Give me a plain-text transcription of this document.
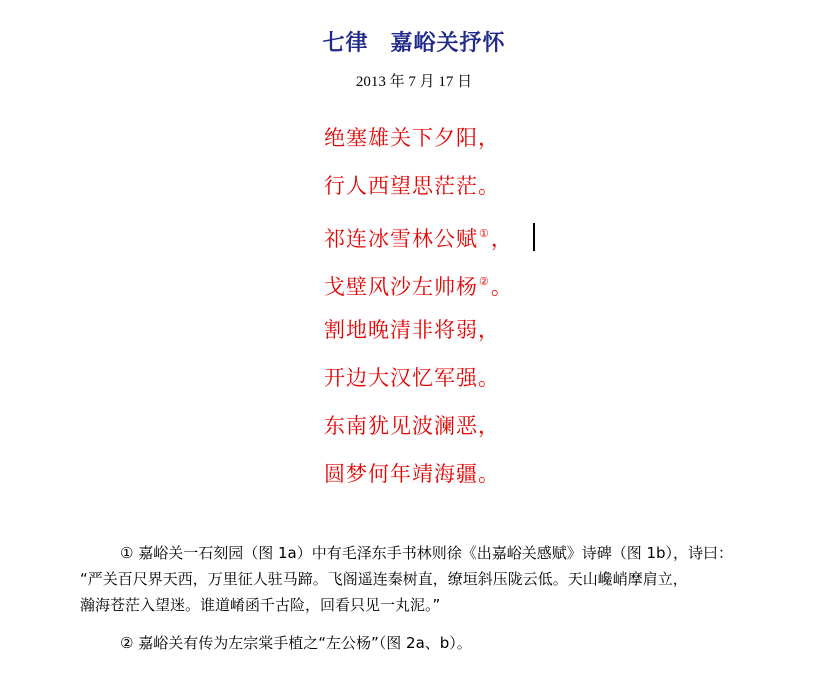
七律 嘉峪关抒怀
2013 年 7 月 17 日
绝塞雄关下夕阳，
行人西望思茫茫。
祁连冰雪林公赋①，
戈壁风沙左帅杨②。
割地晚清非将弱，
开边大汉忆军强。
东南犹见波澜恶，
圆梦何年靖海疆。

① 嘉峪关一石刻园（图 1a）中有毛泽东手书林则徐《出嘉峪关感赋》诗碑（图 1b），诗曰：

“严关百尺界天西，万里征人驻马蹄。飞阁遥连秦树直，缭垣斜压陇云低。天山巉峭摩肩立，

瀚海苍茫入望迷。谁道崤函千古险，回看只见一丸泥。”

② 嘉峪关有传为左宗棠手植之“左公杨”（图 2a、b）。
